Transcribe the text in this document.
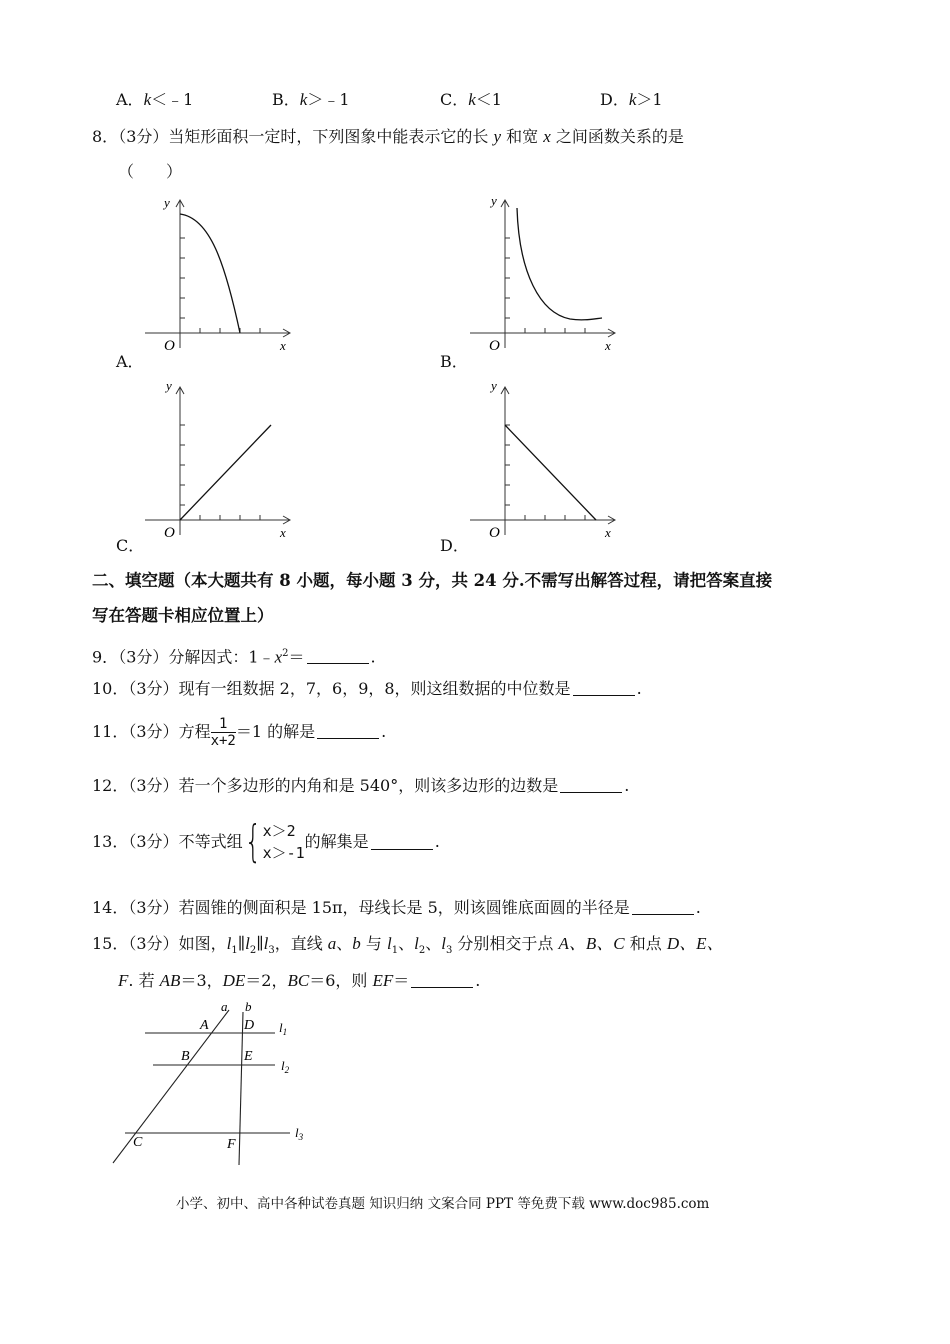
A．k＜﹣1	B．k＞﹣1	C．k＜1	D．k＞1
8．（3分）当矩形面积一定时，下列图象中能表示它的长 y 和宽 x 之间函数关系的是
（　　）
y
x
O
A．
y
x
O
B．
y
x
O
C．
y
x
O
D．
二、填空题（本大题共有 8 小题，每小题 3 分，共 24 分.不需写出解答过程，请把答案直接
写在答题卡相应位置上）
9．（3分）分解因式：$1﹣x^2=$	.
10．（3分）现有一组数据 2，7，6，9，8，则这组数据的中位数是	.
11．（3分）方程 $\frac{1}{x+2} =1$ 的解是	.
12．（3分）若一个多边形的内角和是 540°，则该多边形的边数是	.
13．（3分）不等式组{ x＞2
x＞-1
的解集是	.
14．（3分）若圆锥的侧面积是 15π，母线长是 5，则该圆锥底面圆的半径是	.
15．（3分）如图，$l_1\parallel l_2\parallel l_3$，直线 a、b 与 $l_1$、$l_2$、$l_3$ 分别相交于点 A、B、C 和点 D、E、
F. 若 AB＝3，DE＝2，BC＝6，则 EF＝	.
a b
A	D
B	E
C	F
$l_1$
$l_2$
$l_3$
小学、初中、高中各种试卷真题 知识归纳 文案合同 PPT 等免费下载 www.doc985.com
